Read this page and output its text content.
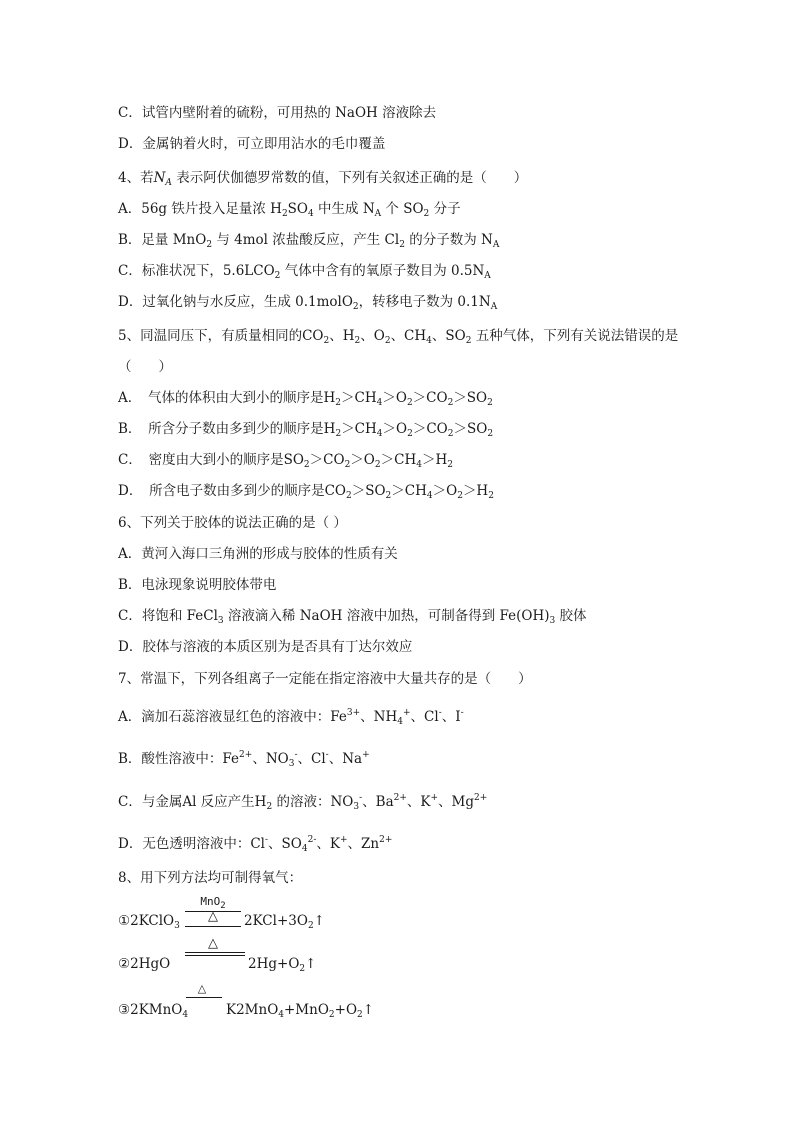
C．试管内壁附着的硫粉，可用热的 NaOH 溶液除去
D．金属钠着火时，可立即用沾水的毛巾覆盖
4、若$N_A$ 表示阿伏伽德罗常数的值，下列有关叙述正确的是（　　）
A．56g 铁片投入足量浓 $H_2SO_4$ 中生成 $N_A$ 个 $SO_2$ 分子
B．足量 MnO$_2$ 与 4mol 浓盐酸反应，产生 $Cl_2$ 的分子数为 $N_A$
C．标准状况下，$5.6LCO_2$ 气体中含有的氧原子数目为 $0.5N_A$
D．过氧化钠与水反应，生成 0.1molO$_2$，转移电子数为 $0.1N_A$
5、同温同压下，有质量相同的$CO_2$、$H_2$、$O_2$、$CH_4$、$SO_2$ 五种气体，下列有关说法错误的是
（　　）
A．　气体的体积由大到小的顺序是$H_2>CH_4>O_2>CO_2>SO_2$
B．　所含分子数由多到少的顺序是$H_2>CH_4>O_2>CO_2>SO_2$
C．　密度由大到小的顺序是$SO_2>CO_2>O_2>CH_4>H_2$
D．　所含电子数由多到少的顺序是$CO_2>SO_2>CH_4>O_2>H_2$
6、下列关于胶体的说法正确的是（ ）
A．黄河入海口三角洲的形成与胶体的性质有关
B．电泳现象说明胶体带电
C．将饱和 FeCl$_3$ 溶液滴入稀 NaOH 溶液中加热，可制备得到 $Fe(OH)_3$ 胶体
D．胶体与溶液的本质区别为是否具有丁达尔效应
7、常温下，下列各组离子一定能在指定溶液中大量共存的是（　　）
A．滴加石蕊溶液显红色的溶液中：$Fe^{3+}$、$NH_4^+$、Cl-、I-
B．酸性溶液中：$Fe^{2+}$、$NO_3^-$、Cl-、Na+
C．与金属Al 反应产生$H_2$ 的溶液：$NO_3^-$、$Ba^{2+}$、K+、$Mg^{2+}$
D．无色透明溶液中：Cl-、$SO_4^{2-}$、K+、$Zn^{2+}$
8、用下列方法均可制得氧气：
①2KClO$_3$
MnO$_2$
△	$2KCl+3O_2↑$
②2HgO
△
$2Hg+O_2↑$
△
③2KMnO$_4$	$K2MnO_4+MnO_2+O_2↑$
